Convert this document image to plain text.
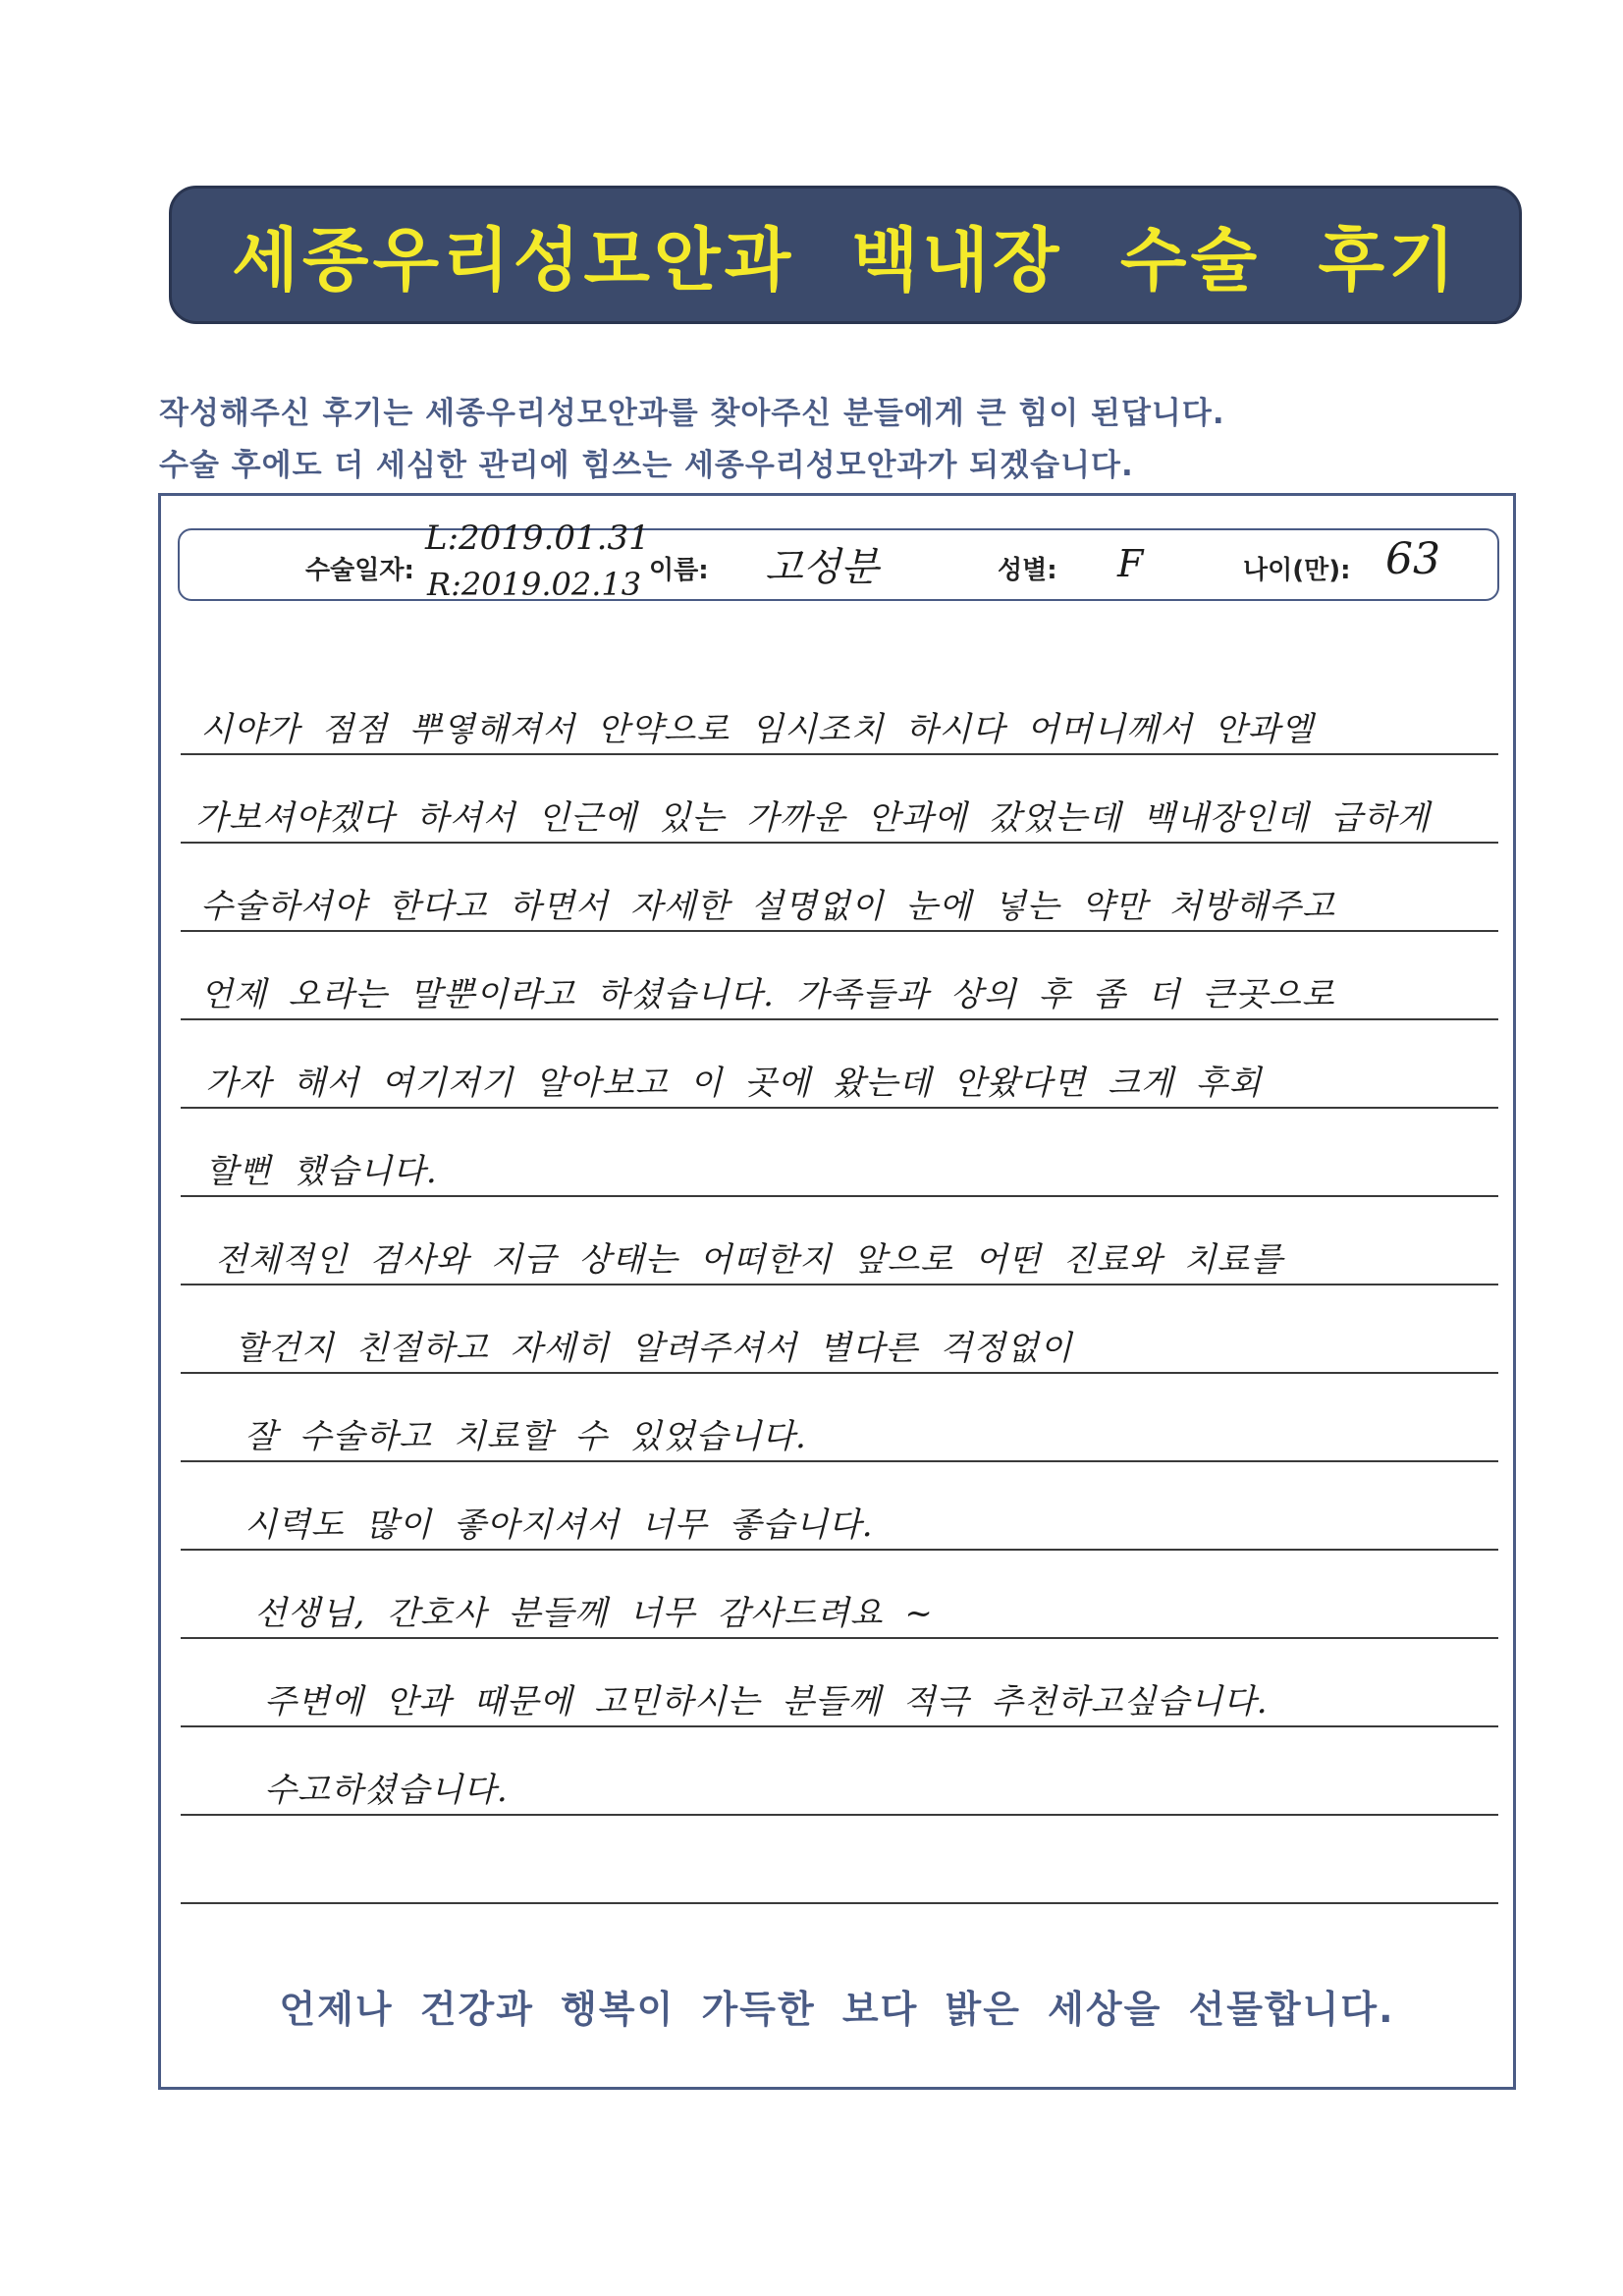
세종우리성모안과 백내장 수술 후기
작성해주신 후기는 세종우리성모안과를 찾아주신 분들에게 큰 힘이 된답니다.
수술 후에도 더 세심한 관리에 힘쓰는 세종우리성모안과가 되겠습니다.
수술일자:
L:2019.01.31
R:2019.02.13 이름: 고성분	성별: F	나이(만): 63
시야가 점점 뿌옇해져서 안약으로 임시조치 하시다 어머니께서 안과엘
가보셔야겠다 하셔서 인근에 있는 가까운 안과에 갔었는데 백내장인데 급하게
수술하셔야 한다고 하면서 자세한 설명없이 눈에 넣는 약만 처방해주고
언제 오라는 말뿐이라고 하셨습니다. 가족들과 상의 후 좀 더 큰곳으로
가자 해서 여기저기 알아보고 이 곳에 왔는데 안왔다면 크게 후회
할뻔 했습니다.
전체적인 검사와 지금 상태는 어떠한지 앞으로 어떤 진료와 치료를
할건지 친절하고 자세히 알려주셔서 별다른 걱정없이
잘 수술하고 치료할 수 있었습니다.
시력도 많이 좋아지셔서 너무 좋습니다.
선생님, 간호사 분들께 너무 감사드려요 ~
주변에 안과 때문에 고민하시는 분들께 적극 추천하고싶습니다.
수고하셨습니다.
언제나 건강과 행복이 가득한 보다 밝은 세상을 선물합니다.
